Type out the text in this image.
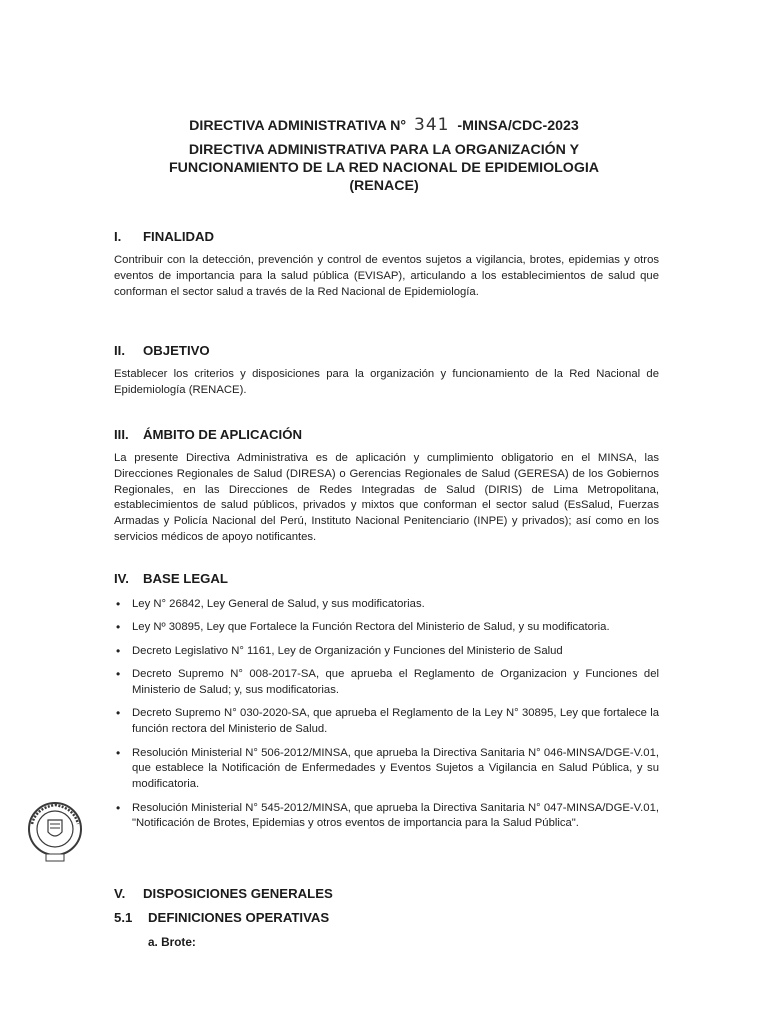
DIRECTIVA ADMINISTRATIVA N° 341 -MINSA/CDC-2023
DIRECTIVA ADMINISTRATIVA PARA LA ORGANIZACIÓN Y
FUNCIONAMIENTO DE LA RED NACIONAL DE EPIDEMIOLOGIA
(RENACE)
I.	FINALIDAD

Contribuir con la detección, prevención y control de eventos sujetos a vigilancia, brotes, epidemias y otros eventos de importancia para la salud pública (EVISAP), articulando a los establecimientos de salud que conforman el sector salud a través de la Red Nacional de Epidemiología.

II.	OBJETIVO

Establecer los criterios y disposiciones para la organización y funcionamiento de la Red Nacional de Epidemiología (RENACE).

III.	ÁMBITO DE APLICACIÓN

La presente Directiva Administrativa es de aplicación y cumplimiento obligatorio en el MINSA, las Direcciones Regionales de Salud (DIRESA) o Gerencias Regionales de Salud (GERESA) de los Gobiernos Regionales, en las Direcciones de Redes Integradas de Salud (DIRIS) de Lima Metropolitana, establecimientos de salud públicos, privados y mixtos que conforman el sector salud (EsSalud, Fuerzas Armadas y Policía Nacional del Perú, Instituto Nacional Penitenciario (INPE) y privados); así como en los servicios médicos de apoyo notificantes.

IV.	BASE LEGAL
• Ley N° 26842, Ley General de Salud, y sus modificatorias.
• Ley Nº 30895, Ley que Fortalece la Función Rectora del Ministerio de Salud, y su modificatoria.
• Decreto Legislativo N° 1161, Ley de Organización y Funciones del Ministerio de Salud
• Decreto Supremo N° 008-2017-SA, que aprueba el Reglamento de Organizacion y Funciones del Ministerio de Salud; y, sus modificatorias.
• Decreto Supremo N° 030-2020-SA, que aprueba el Reglamento de la Ley N° 30895, Ley que fortalece la función rectora del Ministerio de Salud.
• Resolución Ministerial N° 506-2012/MINSA, que aprueba la Directiva Sanitaria N° 046-MINSA/DGE-V.01, que establece la Notificación de Enfermedades y Eventos Sujetos a Vigilancia en Salud Pública, y su modificatoria.
• Resolución Ministerial N° 545-2012/MINSA, que aprueba la Directiva Sanitaria N° 047-MINSA/DGE-V.01, "Notificación de Brotes, Epidemias y otros eventos de importancia para la Salud Pública".
V.	DISPOSICIONES GENERALES
5.1	DEFINICIONES OPERATIVAS
a. Brote:
